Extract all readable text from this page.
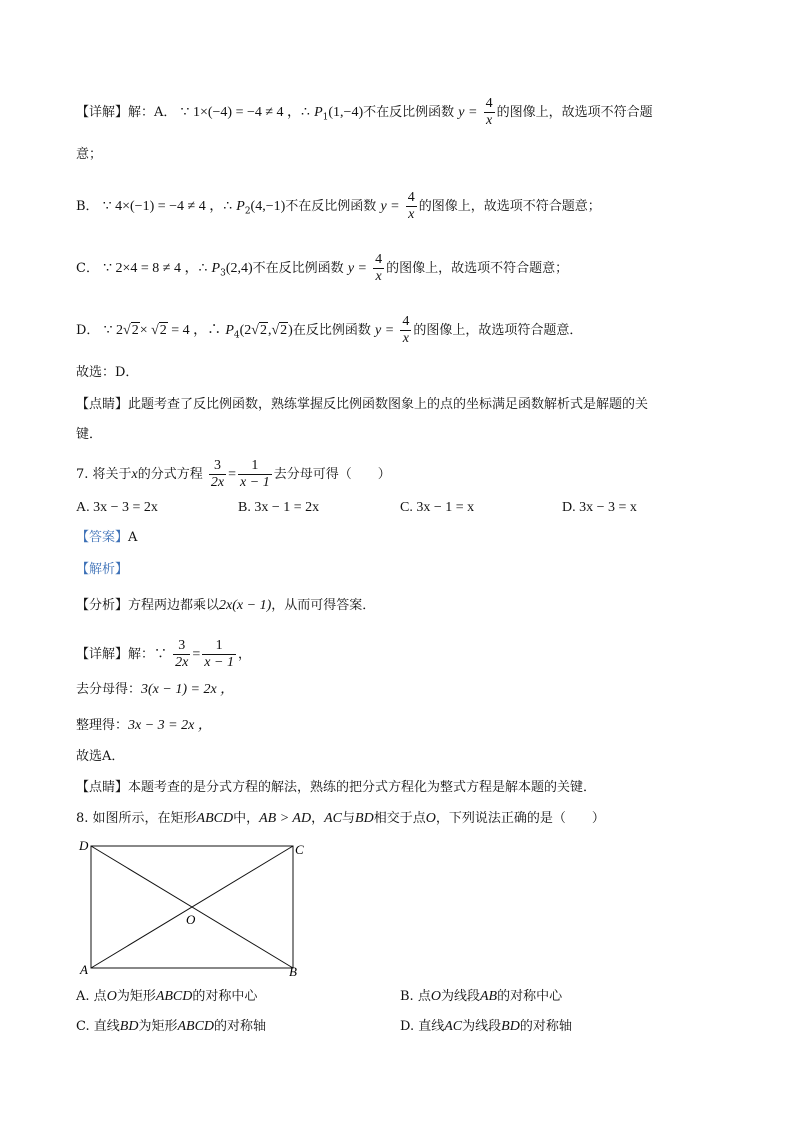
【详解】解：A． ∵ 1×(−4) = −4 ≠ 4 ，∴ $P_1(1,-4)$不在反比例函数 $y = \frac{4}{x}$ 的图像上，故选项不符合题
意；
B． ∵ 4×(−1) = −4 ≠ 4 ，∴ $P_2(4,-1)$不在反比例函数 $y = \frac{4}{x}$ 的图像上，故选项不符合题意；
C． ∵ 2×4 = 8 ≠ 4 ，∴ $P_3(2,4)$不在反比例函数 $y = \frac{4}{x}$ 的图像上，故选项不符合题意；
D． ∵ 2√2× √2 = 4 ，∴ $P_4(2√2,√2)$在反比例函数 $y = \frac{4}{x}$ 的图像上，故选项符合题意．
故选：D．
【点睛】此题考查了反比例函数，熟练掌握反比例函数图象上的点的坐标满足函数解析式是解题的关
键．
7. 将关于x的分式方程 $\frac{3}{2x} = \frac{1}{x - 1}$ 去分母可得（　　）
A. 3x − 3 = 2x	B. 3x − 1 = 2x	C. 3x − 1 = x	D. 3x − 3 = x
【答案】A
【解析】
【分析】方程两边都乘以2x(x − 1)，从而可得答案．
【详解】解：∵ $\frac{3}{2x} = \frac{1}{x - 1}$ ，
去分母得：3(x − 1) = 2x ，
整理得：3x − 3 = 2x ，
故选A．
【点睛】本题考查的是分式方程的解法，熟练的把分式方程化为整式方程是解本题的关键．
8. 如图所示，在矩形ABCD中，AB > AD，AC与BD相交于点O，下列说法正确的是（　　）
D	C
A	B
O
A. 点O为矩形ABCD的对称中心	B. 点O为线段AB的对称中心
C. 直线BD为矩形ABCD的对称轴	D. 直线AC为线段BD的对称轴
